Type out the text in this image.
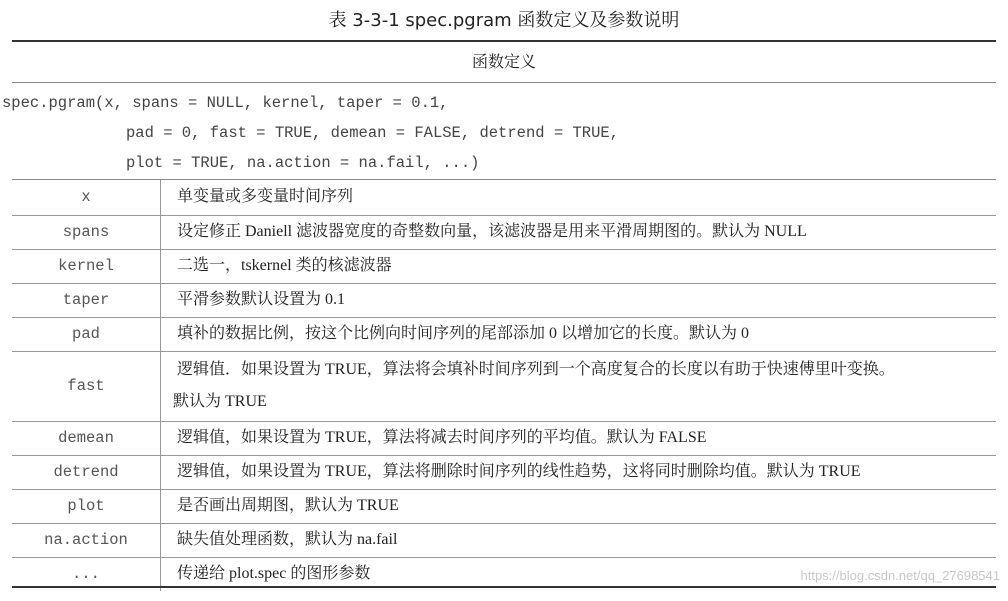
表 3-3-1 spec.pgram 函数定义及参数说明
函数定义
spec.pgram(x, spans = NULL, kernel, taper = 0.1,
pad = 0, fast = TRUE, demean = FALSE, detrend = TRUE,
plot = TRUE, na.action = na.fail, ...)
x	单变量或多变量时间序列
spans	设定修正 Daniell 滤波器宽度的奇整数向量，该滤波器是用来平滑周期图的。默认为 NULL
kernel	二选一，tskernel 类的核滤波器
taper	平滑参数默认设置为 0.1
pad	填补的数据比例，按这个比例向时间序列的尾部添加 0 以增加它的长度。默认为 0
fast	逻辑值．如果设置为 TRUE，算法将会填补时间序列到一个高度复合的长度以有助于快速傅里叶变换。
默认为 TRUE

demean	逻辑值，如果设置为 TRUE，算法将减去时间序列的平均值。默认为 FALSE
detrend	逻辑值，如果设置为 TRUE，算法将删除时间序列的线性趋势，这将同时删除均值。默认为 TRUE
plot	是否画出周期图，默认为 TRUE
na.action	缺失值处理函数，默认为 na.fail
...	传递给 plot.spec 的图形参数	https://blog.csdn.net/qq_27698541
